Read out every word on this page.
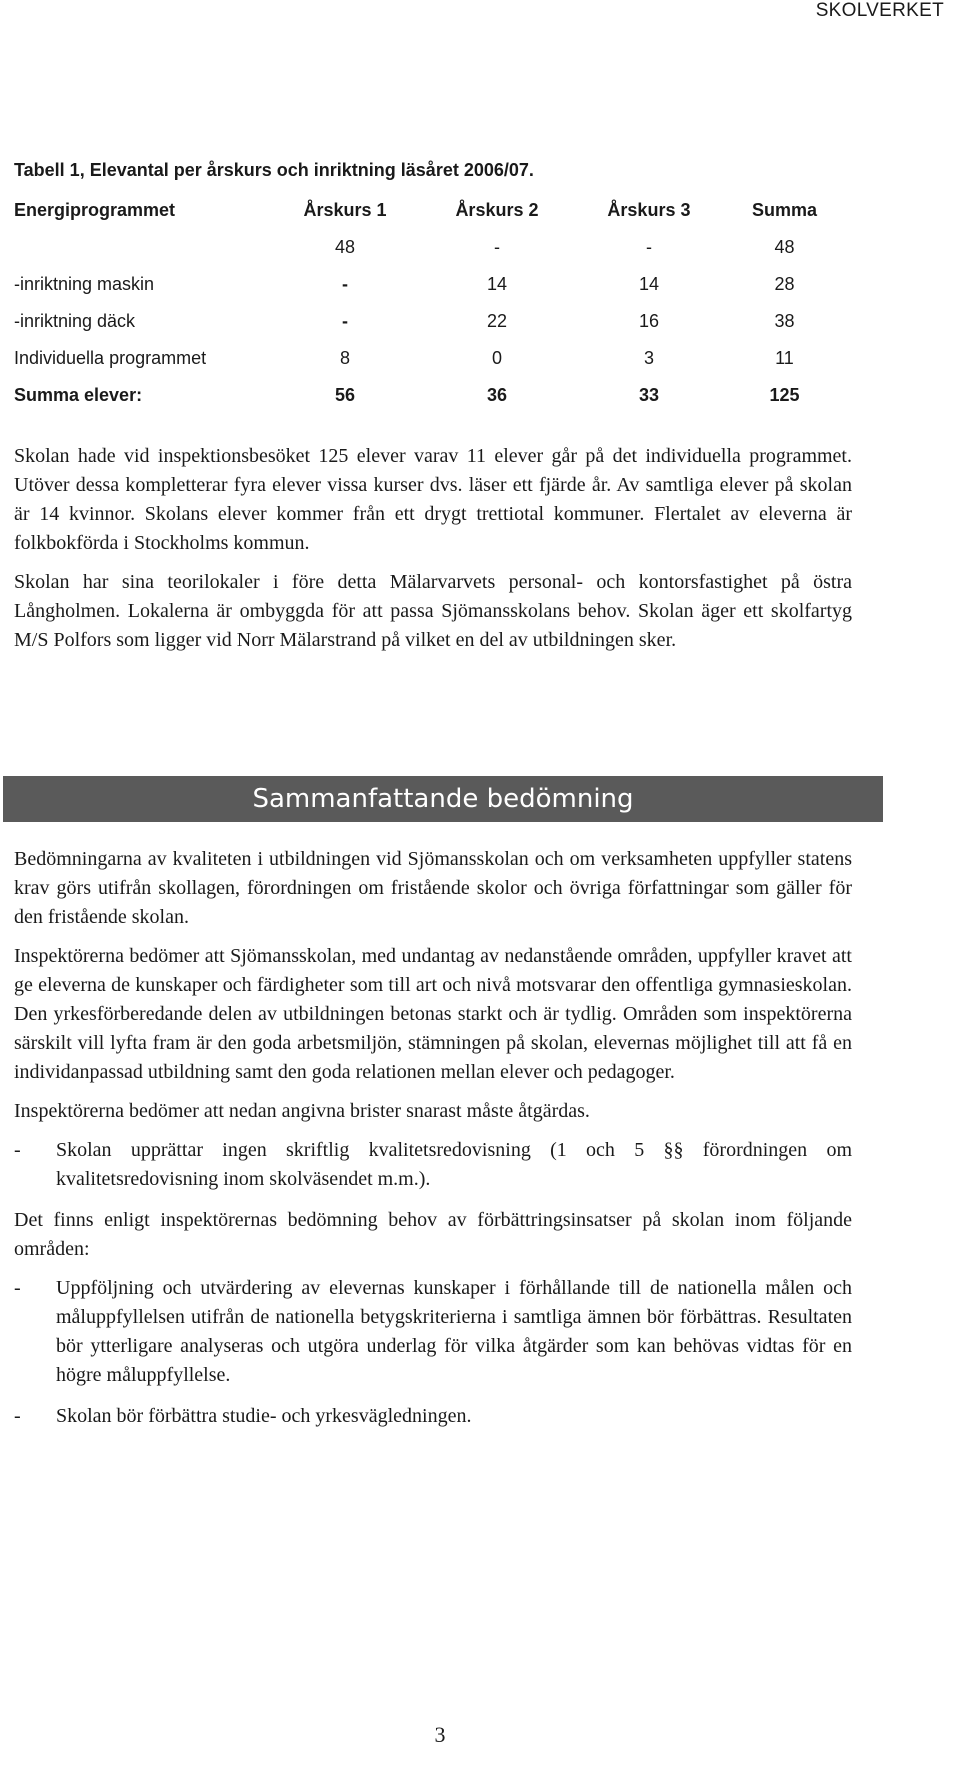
SKOLVERKET
Tabell 1, Elevantal per årskurs och inriktning läsåret 2006/07.
Energiprogrammet	Årskurs 1	Årskurs 2	Årskurs 3	Summa
	48	-	-	48
-inriktning maskin	-	14	14	28
-inriktning däck	-	22	16	38
Individuella programmet	8	0	3	11
Summa elever:	56	36	33	125

Skolan hade vid inspektionsbesöket 125 elever varav 11 elever går på det individuella programmet. Utöver dessa kompletterar fyra elever vissa kurser dvs. läser ett fjärde år. Av samtliga elever på skolan är 14 kvinnor. Skolans elever kommer från ett drygt trettiotal kommuner. Flertalet av eleverna är folkbokförda i Stockholms kommun.

Skolan har sina teorilokaler i före detta Mälarvarvets personal- och kontorsfastighet på östra Långholmen. Lokalerna är ombyggda för att passa Sjömansskolans behov. Skolan äger ett skolfartyg M/S Polfors som ligger vid Norr Mälarstrand på vilket en del av utbildningen sker.

Sammanfattande bedömning

Bedömningarna av kvaliteten i utbildningen vid Sjömansskolan och om verksamheten uppfyller statens krav görs utifrån skollagen, förordningen om fristående skolor och övriga författningar som gäller för den fristående skolan.

Inspektörerna bedömer att Sjömansskolan, med undantag av nedanstående områden, uppfyller kravet att ge eleverna de kunskaper och färdigheter som till art och nivå motsvarar den offentliga gymnasieskolan. Den yrkesförberedande delen av utbildningen betonas starkt och är tydlig. Områden som inspektörerna särskilt vill lyfta fram är den goda arbetsmiljön, stämningen på skolan, elevernas möjlighet till att få en individanpassad utbildning samt den goda relationen mellan elever och pedagoger.

Inspektörerna bedömer att nedan angivna brister snarast måste åtgärdas.

-	Skolan upprättar ingen skriftlig kvalitetsredovisning (1 och 5 §§ förordningen om kvalitetsredovisning inom skolväsendet m.m.).

Det finns enligt inspektörernas bedömning behov av förbättringsinsatser på skolan inom följande områden:

-	Uppföljning och utvärdering av elevernas kunskaper i förhållande till de nationella målen och måluppfyllelsen utifrån de nationella betygskriterierna i samtliga ämnen bör förbättras. Resultaten bör ytterligare analyseras och utgöra underlag för vilka åtgärder som kan behövas vidtas för en högre måluppfyllelse.
-	Skolan bör förbättra studie- och yrkesvägledningen.
3
